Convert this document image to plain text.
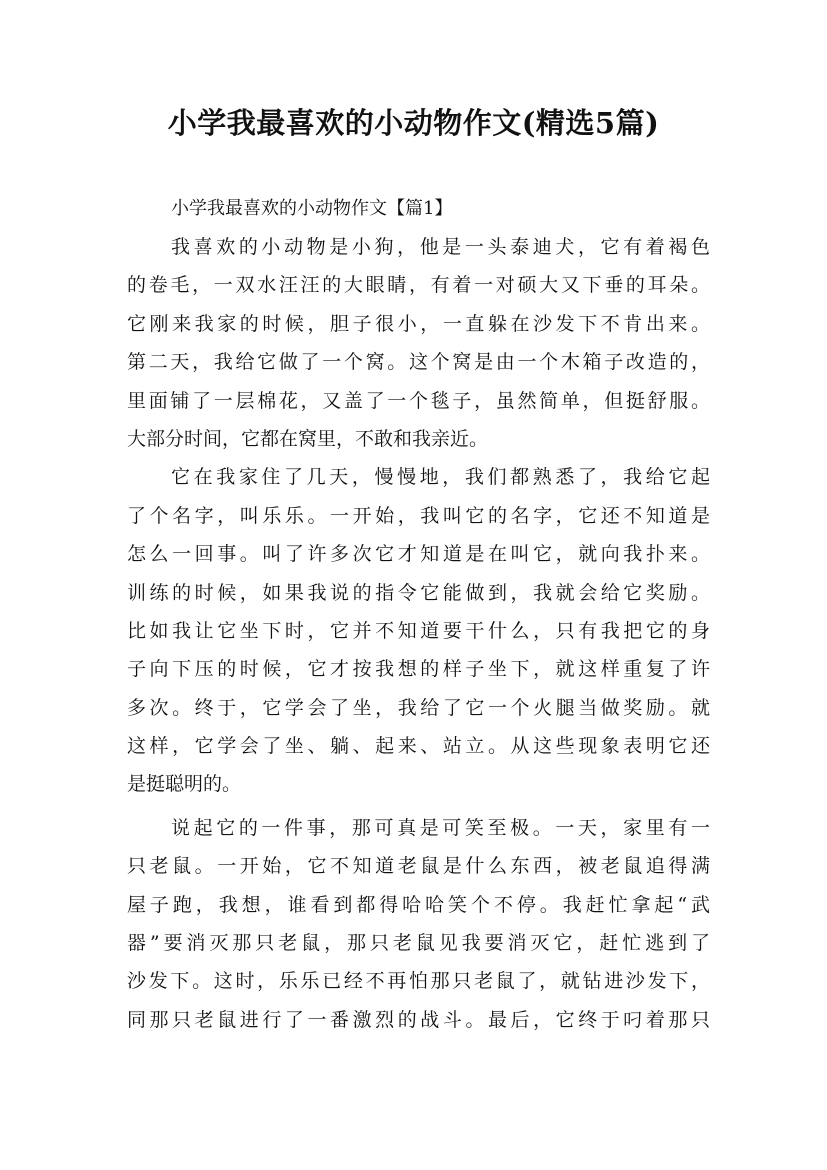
小学我最喜欢的小动物作文(精选5篇)
小学我最喜欢的小动物作文【篇1】
我喜欢的小动物是小狗，他是一头泰迪犬，它有着褐色
的卷毛，一双水汪汪的大眼睛，有着一对硕大又下垂的耳朵。
它刚来我家的时候，胆子很小，一直躲在沙发下不肯出来。
第二天，我给它做了一个窝。这个窝是由一个木箱子改造的，
里面铺了一层棉花，又盖了一个毯子，虽然简单，但挺舒服。
大部分时间，它都在窝里，不敢和我亲近。
它在我家住了几天，慢慢地，我们都熟悉了，我给它起
了个名字，叫乐乐。一开始，我叫它的名字，它还不知道是
怎么一回事。叫了许多次它才知道是在叫它，就向我扑来。
训练的时候，如果我说的指令它能做到，我就会给它奖励。
比如我让它坐下时，它并不知道要干什么，只有我把它的身
子向下压的时候，它才按我想的样子坐下，就这样重复了许
多次。终于，它学会了坐，我给了它一个火腿当做奖励。就
这样，它学会了坐、躺、起来、站立。从这些现象表明它还
是挺聪明的。
说起它的一件事，那可真是可笑至极。一天，家里有一
只老鼠。一开始，它不知道老鼠是什么东西，被老鼠追得满
屋子跑，我想，谁看到都得哈哈笑个不停。我赶忙拿起“武
器”要消灭那只老鼠，那只老鼠见我要消灭它，赶忙逃到了
沙发下。这时，乐乐已经不再怕那只老鼠了，就钻进沙发下，
同那只老鼠进行了一番激烈的战斗。最后，它终于叼着那只
